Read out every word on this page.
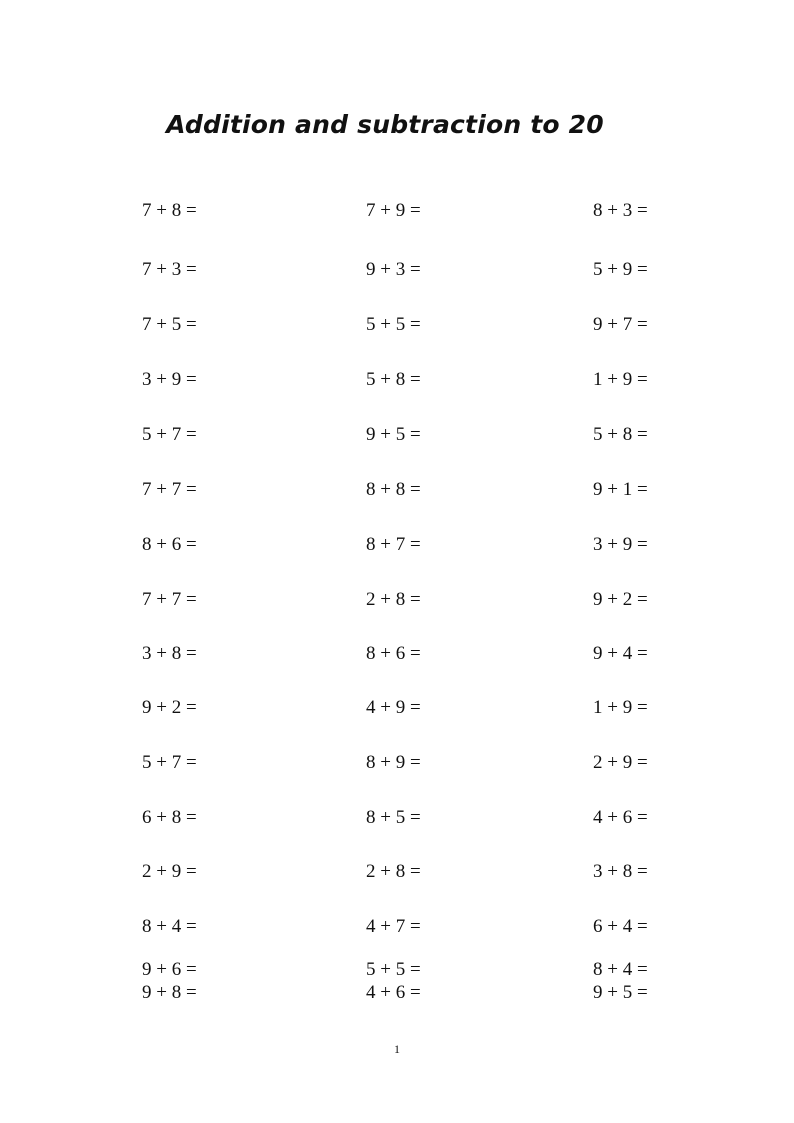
Addition and subtraction to 20
7 + 8 =	7 + 9 =	8 + 3 =
7 + 3 =	9 + 3 =	5 + 9 =
7 + 5 =	5 + 5 =	9 + 7 =
3 + 9 =	5 + 8 =	1 + 9 =
5 + 7 =	9 + 5 =	5 + 8 =
7 + 7 =	8 + 8 =	9 + 1 =
8 + 6 =	8 + 7 =	3 + 9 =
7 + 7 =	2 + 8 =	9 + 2 =
3 + 8 =	8 + 6 =	9 + 4 =
9 + 2 =	4 + 9 =	1 + 9 =
5 + 7 =	8 + 9 =	2 + 9 =
6 + 8 =	8 + 5 =	4 + 6 =
2 + 9 =	2 + 8 =	3 + 8 =
8 + 4 =	4 + 7 =	6 + 4 =
9 + 6 =	5 + 5 =	8 + 4 =
9 + 8 =	4 + 6 =	9 + 5 =
1
